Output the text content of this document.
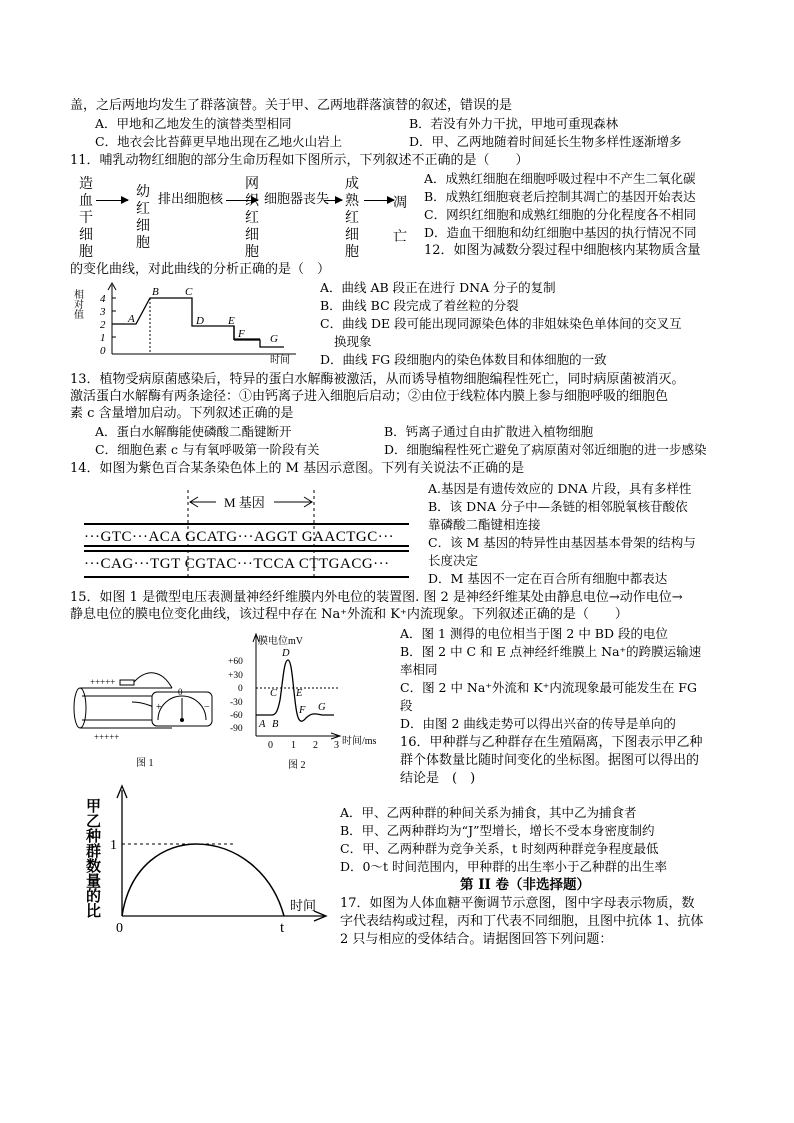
盖，之后两地均发生了群落演替。关于甲、乙两地群落演替的叙述，错误的是
A．甲地和乙地发生的演替类型相同	B．若没有外力干扰，甲地可重现森林
C．地衣会比苔藓更早地出现在乙地火山岩上	D．甲、乙两地随着时间延长生物多样性逐渐增多
11．哺乳动物红细胞的部分生命历程如下图所示，下列叙述不正确的是（　　）
造血干细胞
幼红细胞
排出细胞核
网织红细胞
细胞器丧失
成熟红细胞
凋亡
A．成熟红细胞在细胞呼吸过程中不产生二氧化碳
B．成熟红细胞衰老后控制其凋亡的基因开始表达
C．网织红细胞和成熟红细胞的分化程度各不相同
D．造血干细胞和幼红细胞中基因的执行情况不同
12．如图为减数分裂过程中细胞核内某物质含量
的变化曲线，对此曲线的分析正确的是（　）
相
对
值
4
3
2
1
0
A
B C
D E
F G
时间
A．曲线 AB 段正在进行 DNA 分子的复制
B．曲线 BC 段完成了着丝粒的分裂
C．曲线 DE 段可能出现同源染色体的非姐妹染色单体间的交叉互
换现象
D．曲线 FG 段细胞内的染色体数目和体细胞的一致
13．植物受病原菌感染后，特异的蛋白水解酶被激活，从而诱导植物细胞编程性死亡，同时病原菌被消灭。
激活蛋白水解酶有两条途径：①由钙离子进入细胞后启动；②由位于线粒体内膜上参与细胞呼吸的细胞色
素 c 含量增加启动。下列叙述正确的是
A．蛋白水解酶能使磷酸二酯键断开	B．钙离子通过自由扩散进入植物细胞
C．细胞色素 c 与有氧呼吸第一阶段有关	D．细胞编程性死亡避免了病原菌对邻近细胞的进一步感染
14．如图为紫色百合某条染色体上的 M 基因示意图。下列有关说法不正确的是
M 基因
···GTC···ACA GCATG···AGGT GAACTGC···
···CAG···TGT CGTAC···TCCA CTTGACG···
A.基因是有遗传效应的 DNA 片段，具有多样性
B．该 DNA 分子中—条链的相邻脱氧核苷酸依
靠磷酸二酯键相连接
C．该 M 基因的特异性由基因基本骨架的结构与
长度决定
D．M 基因不一定在百合所有细胞中都表达
15．如图 1 是微型电压表测量神经纤维膜内外电位的装置图. 图 2 是神经纤维某处由静息电位→动作电位→
静息电位的膜电位变化曲线，该过程中存在 Na⁺外流和 K⁺内流现象。下列叙述正确的是（　　）
+++++
+++++
0
+	−
图 1
膜电位mV
+60
+30
0
-30
-60
-90 A B
C
D
E
F G
0 1 2 3 时间/ms
图 2
A．图 1 测得的电位相当于图 2 中 BD 段的电位
B．图 2 中 C 和 E 点神经纤维膜上 Na⁺的跨膜运输速
率相同
C．图 2 中 Na⁺外流和 K⁺内流现象最可能发生在 FG
段
D．由图 2 曲线走势可以得出兴奋的传导是单向的
16．甲种群与乙种群存在生殖隔离，下图表示甲乙种
群个体数量比随时间变化的坐标图。据图可以得出的
结论是　(　)
甲乙种群数量的比 1
0	t
时间
A．甲、乙两种群的种间关系为捕食，其中乙为捕食者
B．甲、乙两种群均为“J”型增长，增长不受本身密度制约
C．甲、乙两种群为竞争关系，t 时刻两种群竞争程度最低
D．0～t 时间范围内，甲种群的出生率小于乙种群的出生率
第 II 卷（非选择题）
17．如图为人体血糖平衡调节示意图，图中字母表示物质，数
字代表结构或过程，丙和丁代表不同细胞，且图中抗体 1、抗体
2 只与相应的受体结合。请据图回答下列问题：
